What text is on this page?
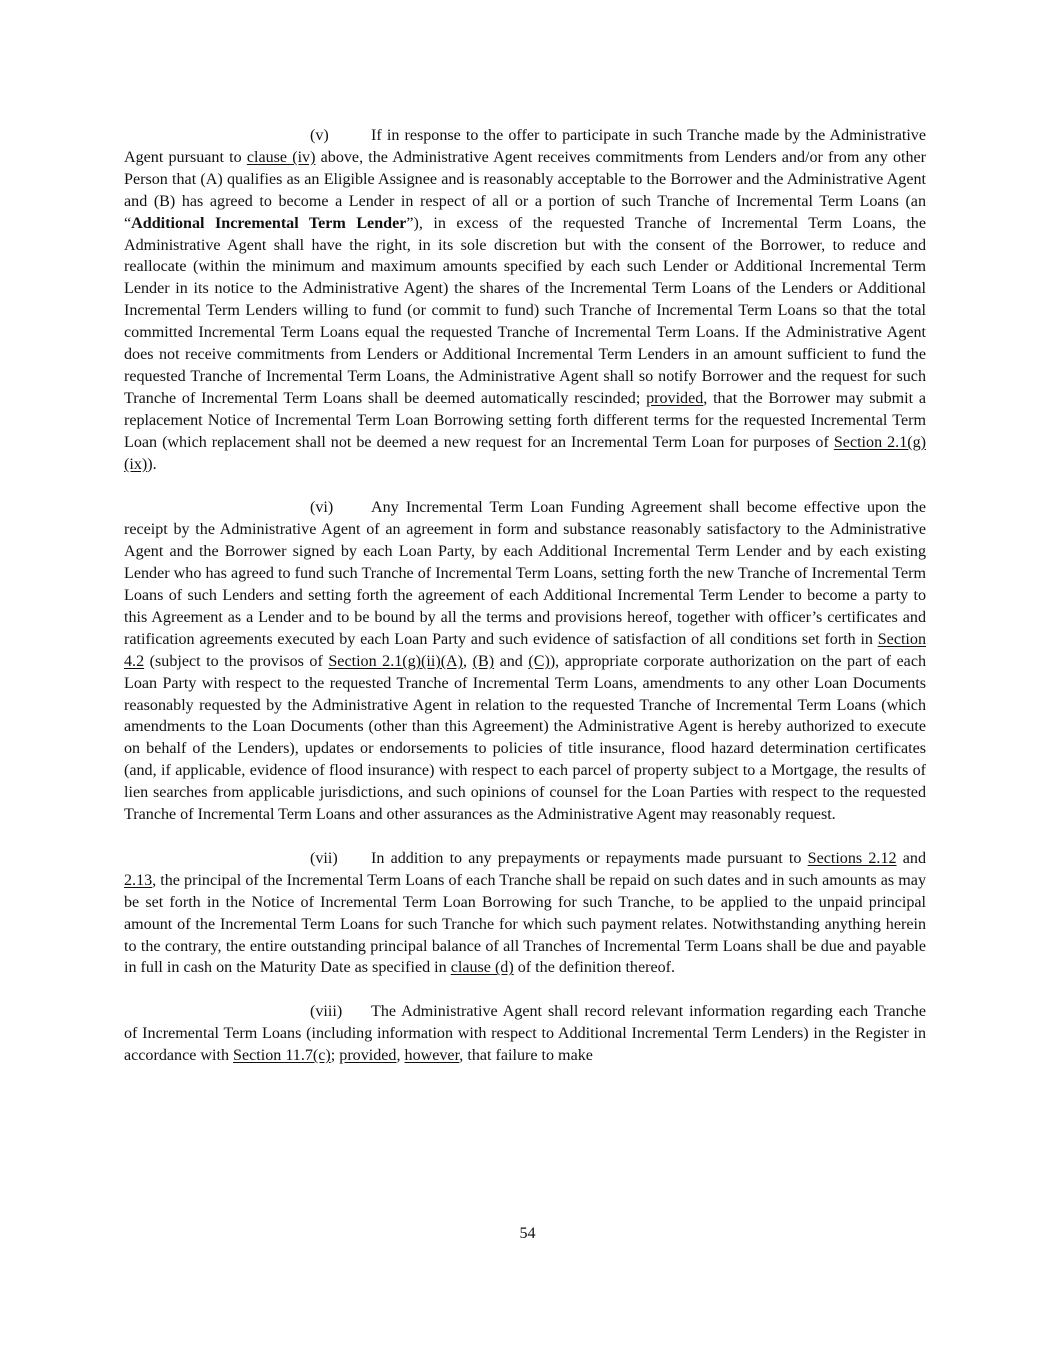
(v)	If in response to the offer to participate in such Tranche made by the Administrative Agent pursuant to clause (iv) above, the Administrative Agent receives commitments from Lenders and/or from any other Person that (A) qualifies as an Eligible Assignee and is reasonably acceptable to the Borrower and the Administrative Agent and (B) has agreed to become a Lender in respect of all or a portion of such Tranche of Incremental Term Loans (an “Additional Incremental Term Lender”), in excess of the requested Tranche of Incremental Term Loans, the Administrative Agent shall have the right, in its sole discretion but with the consent of the Borrower, to reduce and reallocate (within the minimum and maximum amounts specified by each such Lender or Additional Incremental Term Lender in its notice to the Administrative Agent) the shares of the Incremental Term Loans of the Lenders or Additional Incremental Term Lenders willing to fund (or commit to fund) such Tranche of Incremental Term Loans so that the total committed Incremental Term Loans equal the requested Tranche of Incremental Term Loans. If the Administrative Agent does not receive commitments from Lenders or Additional Incremental Term Lenders in an amount sufficient to fund the requested Tranche of Incremental Term Loans, the Administrative Agent shall so notify Borrower and the request for such Tranche of Incremental Term Loans shall be deemed automatically rescinded; provided, that the Borrower may submit a replacement Notice of Incremental Term Loan Borrowing setting forth different terms for the requested Incremental Term Loan (which replacement shall not be deemed a new request for an Incremental Term Loan for purposes of Section 2.1(g)(ix)).

(vi) Any Incremental Term Loan Funding Agreement shall become effective upon the receipt by the Administrative Agent of an agreement in form and substance reasonably satisfactory to the Administrative Agent and the Borrower signed by each Loan Party, by each Additional Incremental Term Lender and by each existing Lender who has agreed to fund such Tranche of Incremental Term Loans, setting forth the new Tranche of Incremental Term Loans of such Lenders and setting forth the agreement of each Additional Incremental Term Lender to become a party to this Agreement as a Lender and to be bound by all the terms and provisions hereof, together with officer’s certificates and ratification agreements executed by each Loan Party and such evidence of satisfaction of all conditions set forth in Section 4.2 (subject to the provisos of Section 2.1(g)(ii)(A), (B) and (C)), appropriate corporate authorization on the part of each Loan Party with respect to the requested Tranche of Incremental Term Loans, amendments to any other Loan Documents reasonably requested by the Administrative Agent in relation to the requested Tranche of Incremental Term Loans (which amendments to the Loan Documents (other than this Agreement) the Administrative Agent is hereby authorized to execute on behalf of the Lenders), updates or endorsements to policies of title insurance, flood hazard determination certificates (and, if applicable, evidence of flood insurance) with respect to each parcel of property subject to a Mortgage, the results of lien searches from applicable jurisdictions, and such opinions of counsel for the Loan Parties with respect to the requested Tranche of Incremental Term Loans and other assurances as the Administrative Agent may reasonably request.

(vii) In addition to any prepayments or repayments made pursuant to Sections 2.12 and 2.13, the principal of the Incremental Term Loans of each Tranche shall be repaid on such dates and in such amounts as may be set forth in the Notice of Incremental Term Loan Borrowing for such Tranche, to be applied to the unpaid principal amount of the Incremental Term Loans for such Tranche for which such payment relates. Notwithstanding anything herein to the contrary, the entire outstanding principal balance of all Tranches of Incremental Term Loans shall be due and payable in full in cash on the Maturity Date as specified in clause (d) of the definition thereof.

(viii) The Administrative Agent shall record relevant information regarding each Tranche of Incremental Term Loans (including information with respect to Additional Incremental Term Lenders) in the Register in accordance with Section 11.7(c); provided, however, that failure to make

54
